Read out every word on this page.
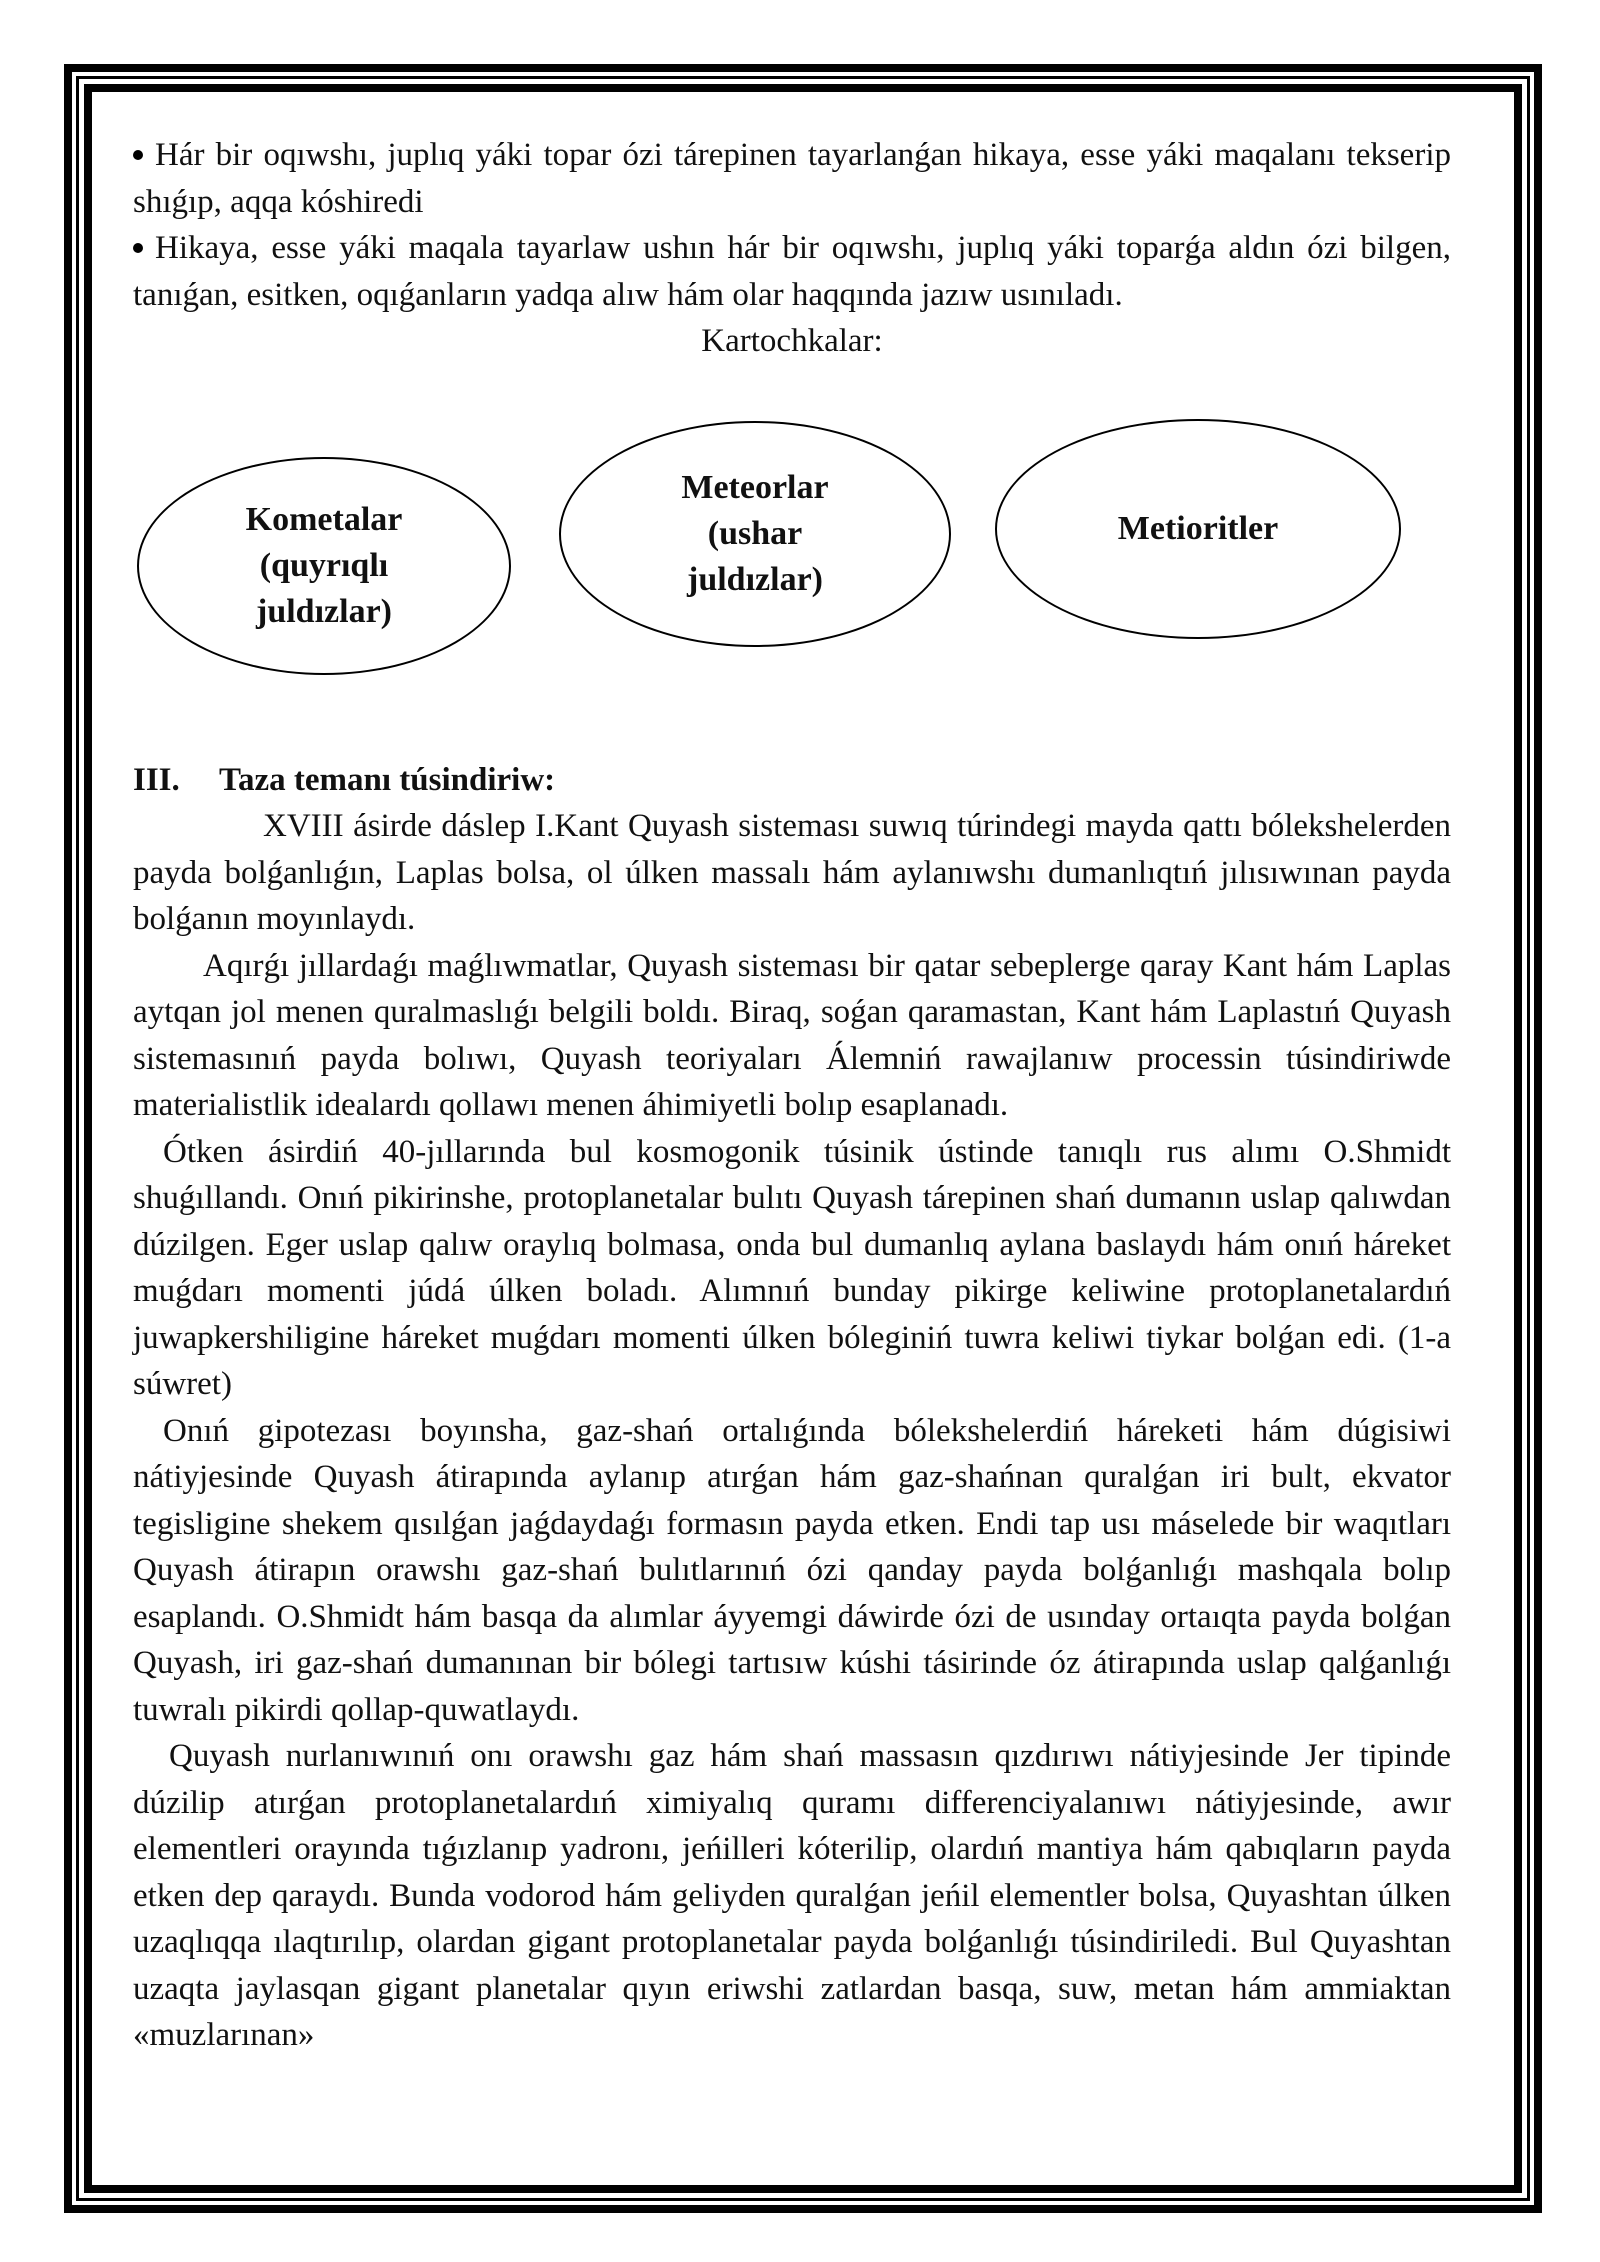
Hár bir oqıwshı, juplıq yáki topar ózi tárepinen tayarlanǵan hikaya, esse yáki maqalanı tekserip shıǵıp, aqqa kóshiredi

Hikaya, esse yáki maqala tayarlaw ushın hár bir oqıwshı, juplıq yáki toparǵa aldın ózi bilgen, tanıǵan, esitken, oqıǵanların yadqa alıw hám olar haqqında jazıw usınıladı.

Kartochkalar:

Kometalar
(quyrıqlı
juldızlar)
Meteorlar
(ushar
juldızlar)
Metioritler

III. Taza temanı túsindiriw:

XVIII ásirde dáslep I.Kant Quyash sisteması suwıq túrindegi mayda qattı bólekshelerden payda bolǵanlıǵın, Laplas bolsa, ol úlken massalı hám aylanıwshı dumanlıqtıń jılısıwınan payda bolǵanın moyınlaydı.

Aqırǵı jıllardaǵı maǵlıwmatlar, Quyash sisteması bir qatar sebeplerge qaray Kant hám Laplas aytqan jol menen quralmaslıǵı belgili boldı. Biraq, soǵan qaramastan, Kant hám Laplastıń Quyash sistemasınıń payda bolıwı, Quyash teoriyaları Álemniń rawajlanıw processin túsindiriwde materialistlik idealardı qollawı menen áhimiyetli bolıp esaplanadı.

Ótken ásirdiń 40-jıllarında bul kosmogonik túsinik ústinde tanıqlı rus alımı O.Shmidt shuǵıllandı. Onıń pikirinshe, protoplanetalar bulıtı Quyash tárepinen shań dumanın uslap qalıwdan dúzilgen. Eger uslap qalıw oraylıq bolmasa, onda bul dumanlıq aylana baslaydı hám onıń háreket muǵdarı momenti júdá úlken boladı. Alımnıń bunday pikirge keliwine protoplanetalardıń juwapkershiligine háreket muǵdarı momenti úlken bóleginiń tuwra keliwi tiykar bolǵan edi. (1-a súwret)

Onıń gipotezası boyınsha, gaz-shań ortalıǵında bólekshelerdiń háreketi hám dúgisiwi nátiyjesinde Quyash átirapında aylanıp atırǵan hám gaz-shańnan quralǵan iri bult, ekvator tegisligine shekem qısılǵan jaǵdaydaǵı formasın payda etken. Endi tap usı máselede bir waqıtları Quyash átirapın orawshı gaz-shań bulıtlarınıń ózi qanday payda bolǵanlıǵı mashqala bolıp esaplandı. O.Shmidt hám basqa da alımlar áyyemgi dáwirde ózi de usınday ortaıqta payda bolǵan Quyash, iri gaz-shań dumanınan bir bólegi tartısıw kúshi tásirinde óz átirapında uslap qalǵanlıǵı tuwralı pikirdi qollap-quwatlaydı.

Quyash nurlanıwınıń onı orawshı gaz hám shań massasın qızdırıwı nátiyjesinde Jer tipinde dúzilip atırǵan protoplanetalardıń ximiyalıq quramı differenciyalanıwı nátiyjesinde, awır elementleri orayında tıǵızlanıp yadronı, jeńilleri kóterilip, olardıń mantiya hám qabıqların payda etken dep qaraydı. Bunda vodorod hám geliyden quralǵan jeńil elementler bolsa, Quyashtan úlken uzaqlıqqa ılaqtırılıp, olardan gigant protoplanetalar payda bolǵanlıǵı túsindiriledi. Bul Quyashtan uzaqta jaylasqan gigant planetalar qıyın eriwshi zatlardan basqa, suw, metan hám ammiaktan «muzlarınan»
